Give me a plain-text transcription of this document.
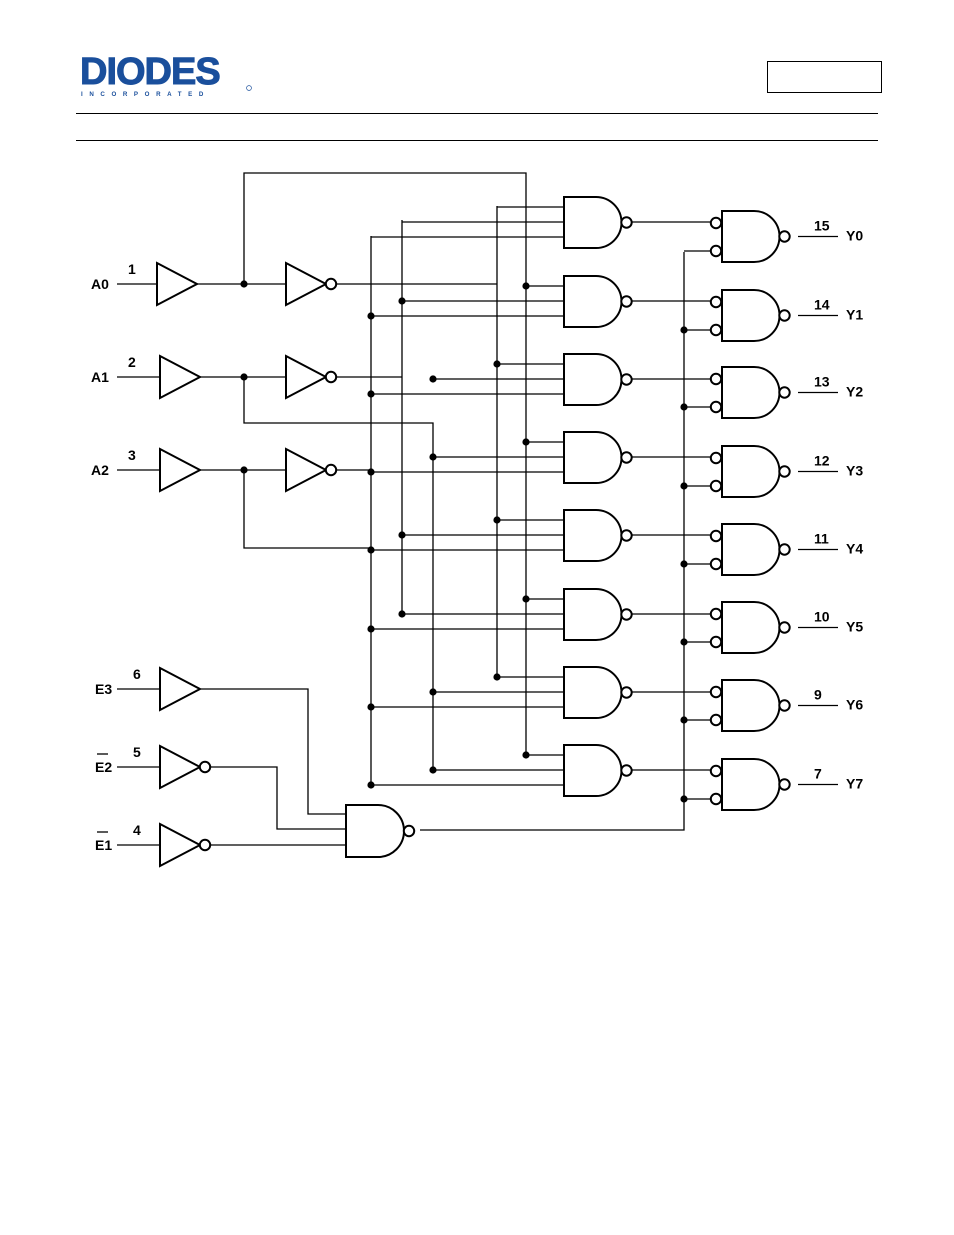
DIODES
INCORPORATED
A0
1
A1
2
A2
3
E3
6
E2
5
E1
4
15
Y0
14
Y1
13
Y2
12
Y3
11
Y4
10
Y5
9
Y6
7
Y7
